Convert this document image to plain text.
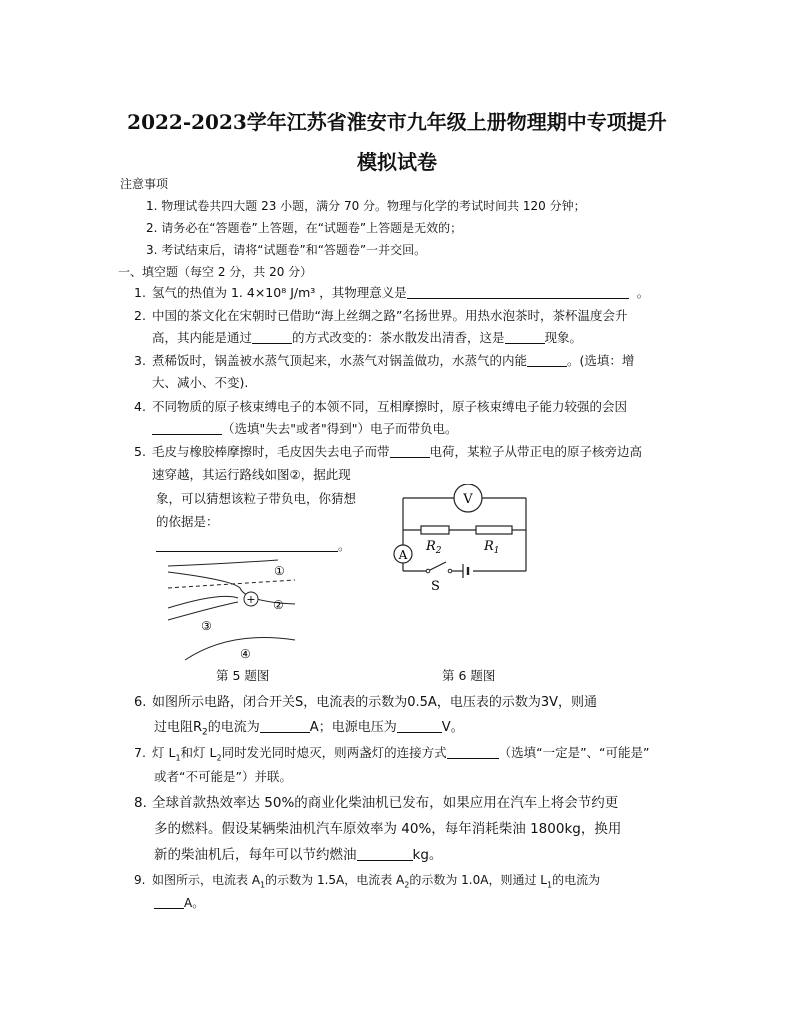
2022-2023学年江苏省淮安市九年级上册物理期中专项提升
模拟试卷
注意事项
1. 物理试卷共四大题 23 小题，满分 70 分。物理与化学的考试时间共 120 分钟；
2. 请务必在“答题卷”上答题，在“试题卷”上答题是无效的；
3. 考试结束后，请将“试题卷”和“答题卷”一并交回。
一、填空题（每空 2 分，共 20 分）
1. 氢气的热值为 1. 4×10⁸ J/m³ ，其物理意义是	。
2. 中国的茶文化在宋朝时已借助“海上丝绸之路”名扬世界。用热水泡茶时，茶杯温度会升
高，其内能是通过	的方式改变的：茶水散发出清香，这是	现象。
3. 煮稀饭时，锅盖被水蒸气顶起来，水蒸气对锅盖做功，水蒸气的内能	。(选填：增
大、减小、不变).
4. 不同物质的原子核束缚电子的本领不同，互相摩擦时，原子核束缚电子能力较强的会因
（选填"失去"或者"得到"）电子而带负电。
5. 毛皮与橡胶棒摩擦时，毛皮因失去电子而带	电荷，某粒子从带正电的原子核旁边高
速穿越，其运行路线如图②，据此现
象，可以猜想该粒子带负电，你猜想
的依据是：
。
+
①
②
③
④
第 5 题图
V
A
$R_2$	$R_1$
S
第 6 题图
6. 如图所示电路，闭合开关S，电流表的示数为0.5A，电压表的示数为3V，则通
过电阻$R_2$的电流为	A；电源电压为	V。
7. 灯 $L_1$和灯 $L_2$同时发光同时熄灭，则两盏灯的连接方式	（选填“一定是”、“可能是”
或者“不可能是”）并联。
8. 全球首款热效率达 50%的商业化柴油机已发布，如果应用在汽车上将会节约更
多的燃料。假设某辆柴油机汽车原效率为 40%，每年消耗柴油 1800kg，换用
新的柴油机后，每年可以节约燃油	kg。
9. 如图所示，电流表 $A_1$的示数为 1.5A，电流表 $A_2$的示数为 1.0A，则通过 $L_1$的电流为
A。
